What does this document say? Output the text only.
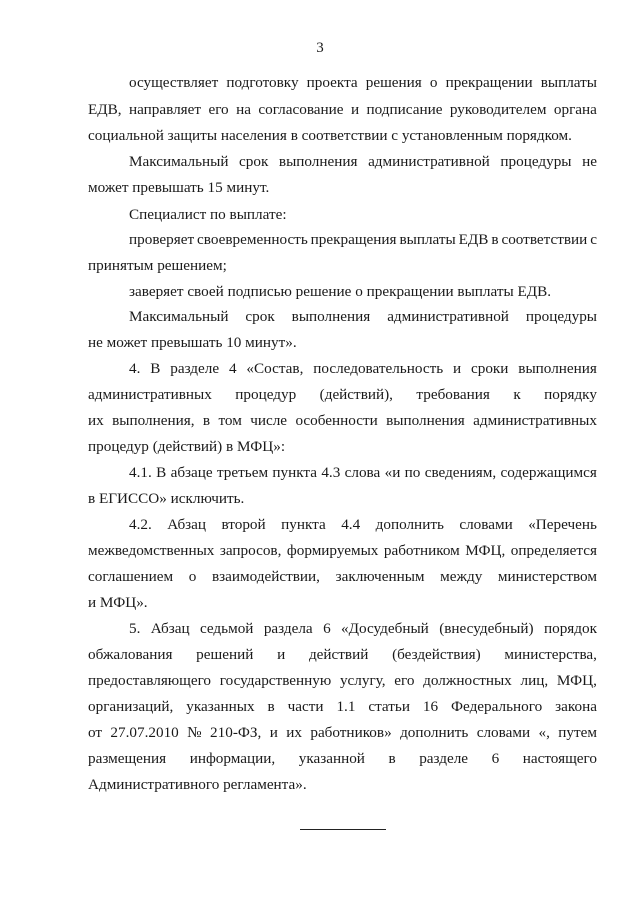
3
осуществляет подготовку проекта решения о прекращении выплаты
ЕДВ, направляет его на согласование и подписание руководителем органа
социальной защиты населения в соответствии с установленным порядком.
Максимальный срок выполнения административной процедуры не
может превышать 15 минут.
Специалист по выплате:
проверяет своевременность прекращения выплаты ЕДВ в соответствии с
принятым решением;
заверяет своей подписью решение о прекращении выплаты ЕДВ.
Максимальный срок выполнения административной процедуры
не может превышать 10 минут».
4. В разделе 4 «Состав, последовательность и сроки выполнения
административных процедур (действий), требования к порядку
их выполнения, в том числе особенности выполнения административных
процедур (действий) в МФЦ»:
4.1. В абзаце третьем пункта 4.3 слова «и по сведениям, содержащимся
в ЕГИССО» исключить.
4.2. Абзац второй пункта 4.4 дополнить словами «Перечень
межведомственных запросов, формируемых работником МФЦ, определяется
соглашением о взаимодействии, заключенным между министерством
и МФЦ».
5. Абзац седьмой раздела 6 «Досудебный (внесудебный) порядок
обжалования решений и действий (бездействия) министерства,
предоставляющего государственную услугу, его должностных лиц, МФЦ,
организаций, указанных в части 1.1 статьи 16 Федерального закона
от 27.07.2010 № 210-ФЗ, и их работников» дополнить словами «, путем
размещения информации, указанной в разделе 6 настоящего
Административного регламента».
